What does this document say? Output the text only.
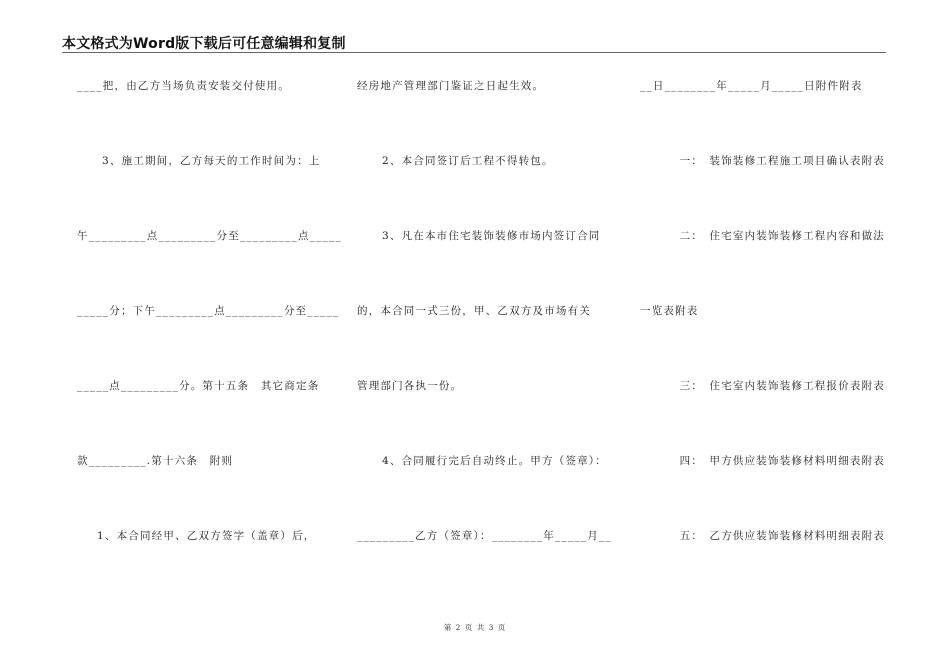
本文格式为Word版下载后可任意编辑和复制
____把，由乙方当场负责安装交付使用。
3、施工期间，乙方每天的工作时间为：上
午_________点_________分至_________点_____
_____分；下午_________点_________分至_____
_____点_________分。第十五条　其它商定条
款_________.第十六条　附则
1、本合同经甲、乙双方签字（盖章）后，
经房地产管理部门鉴证之日起生效。
2、本合同签订后工程不得转包。
3、凡在本市住宅装饰装修市场内签订合同
的，本合同一式三份，甲、乙双方及市场有关
管理部门各执一份。
4、合同履行完后自动终止。甲方（签章）：
_________乙方（签章）：________年_____月__
__日________年_____月_____日附件附表
一：　装饰装修工程施工项目确认表附表
二：　住宅室内装饰装修工程内容和做法
一览表附表
三：　住宅室内装饰装修工程报价表附表
四：　甲方供应装饰装修材料明细表附表
五：　乙方供应装饰装修材料明细表附表
第 2 页 共 3 页
